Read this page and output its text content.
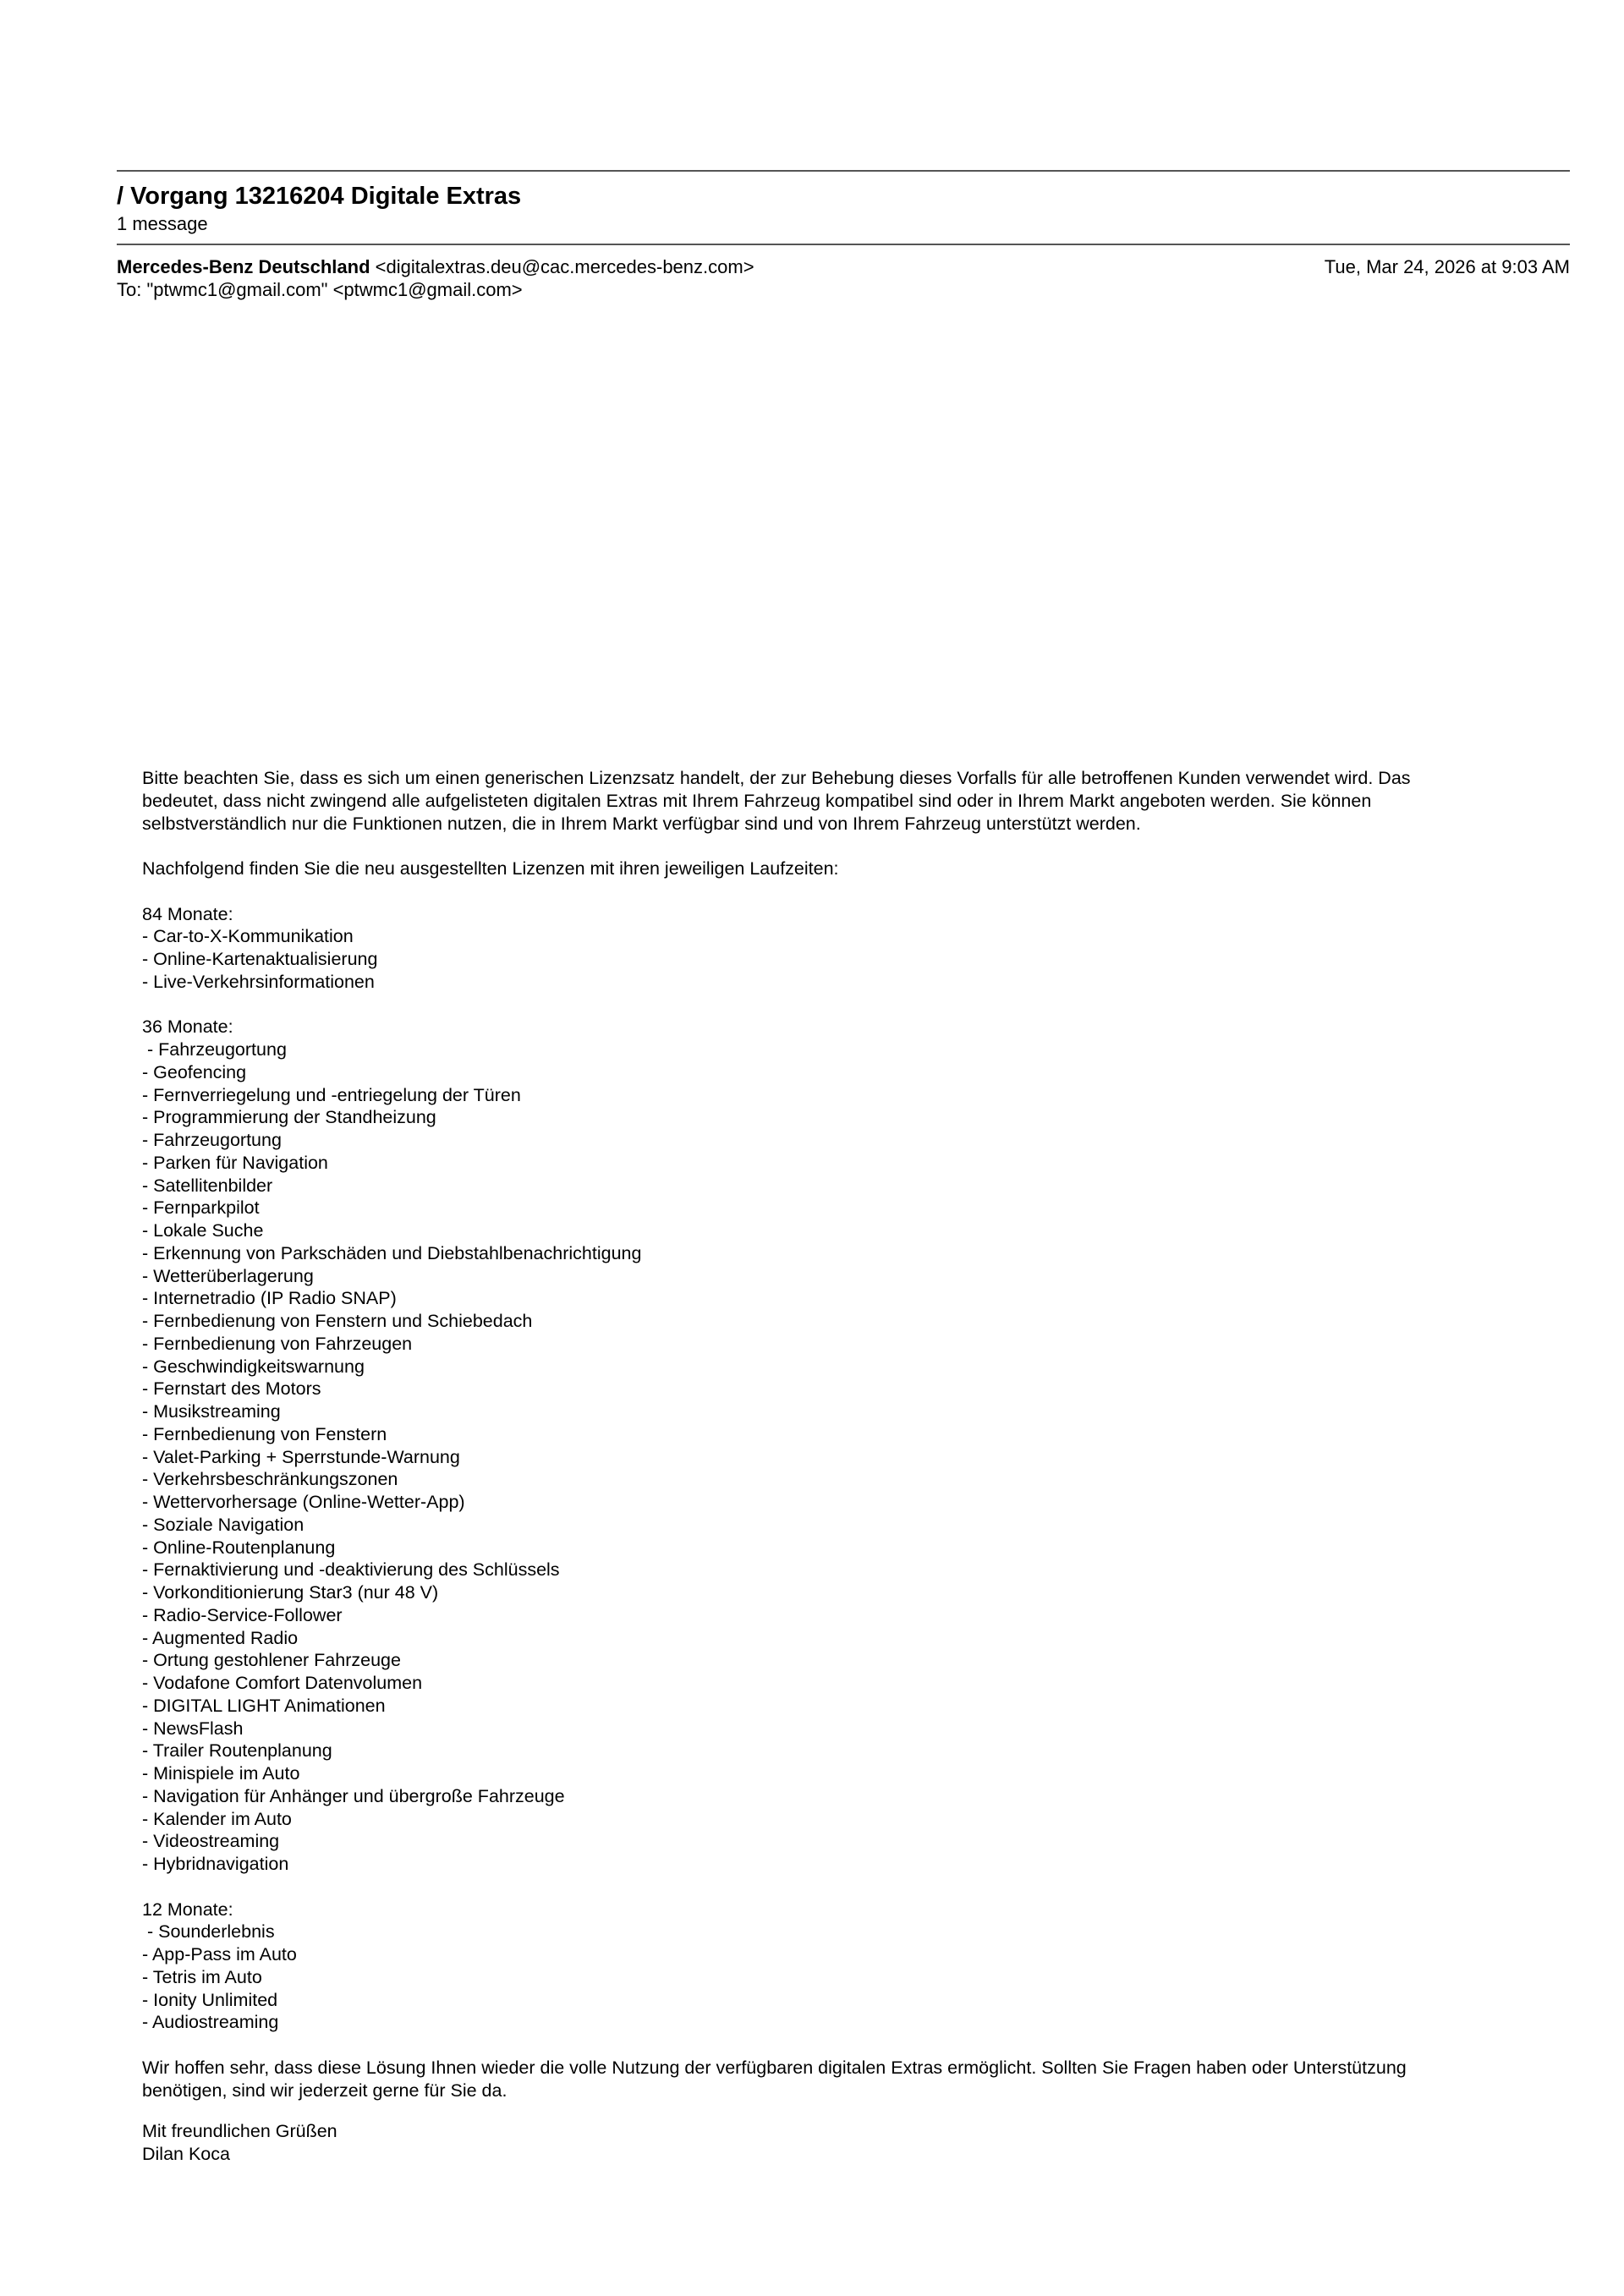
/ Vorgang 13216204 Digitale Extras
1 message
Mercedes-Benz Deutschland <digitalextras.deu@cac.mercedes-benz.com>	Tue, Mar 24, 2026 at 9:03 AM
To: "ptwmc1@gmail.com" <ptwmc1@gmail.com>

Bitte beachten Sie, dass es sich um einen generischen Lizenzsatz handelt, der zur Behebung dieses Vorfalls für alle betroffenen Kunden verwendet wird. Das
bedeutet, dass nicht zwingend alle aufgelisteten digitalen Extras mit Ihrem Fahrzeug kompatibel sind oder in Ihrem Markt angeboten werden. Sie können
selbstverständlich nur die Funktionen nutzen, die in Ihrem Markt verfügbar sind und von Ihrem Fahrzeug unterstützt werden.

Nachfolgend finden Sie die neu ausgestellten Lizenzen mit ihren jeweiligen Laufzeiten:

84 Monate:

- Car-to-X-Kommunikation
- Online-Kartenaktualisierung
- Live-Verkehrsinformationen

36 Monate:

- Fahrzeugortung
- Geofencing
- Fernverriegelung und -entriegelung der Türen
- Programmierung der Standheizung
- Fahrzeugortung
- Parken für Navigation
- Satellitenbilder
- Fernparkpilot
- Lokale Suche
- Erkennung von Parkschäden und Diebstahlbenachrichtigung
- Wetterüberlagerung
- Internetradio (IP Radio SNAP)
- Fernbedienung von Fenstern und Schiebedach
- Fernbedienung von Fahrzeugen
- Geschwindigkeitswarnung
- Fernstart des Motors
- Musikstreaming
- Fernbedienung von Fenstern
- Valet-Parking + Sperrstunde-Warnung
- Verkehrsbeschränkungszonen
- Wettervorhersage (Online-Wetter-App)
- Soziale Navigation
- Online-Routenplanung
- Fernaktivierung und -deaktivierung des Schlüssels
- Vorkonditionierung Star3 (nur 48 V)
- Radio-Service-Follower
- Augmented Radio
- Ortung gestohlener Fahrzeuge
- Vodafone Comfort Datenvolumen
- DIGITAL LIGHT Animationen
- NewsFlash
- Trailer Routenplanung
- Minispiele im Auto
- Navigation für Anhänger und übergroße Fahrzeuge
- Kalender im Auto
- Videostreaming
- Hybridnavigation

12 Monate:

- Sounderlebnis
- App-Pass im Auto
- Tetris im Auto
- Ionity Unlimited
- Audiostreaming

Wir hoffen sehr, dass diese Lösung Ihnen wieder die volle Nutzung der verfügbaren digitalen Extras ermöglicht. Sollten Sie Fragen haben oder Unterstützung
benötigen, sind wir jederzeit gerne für Sie da.

Mit freundlichen Grüßen

Dilan Koca
